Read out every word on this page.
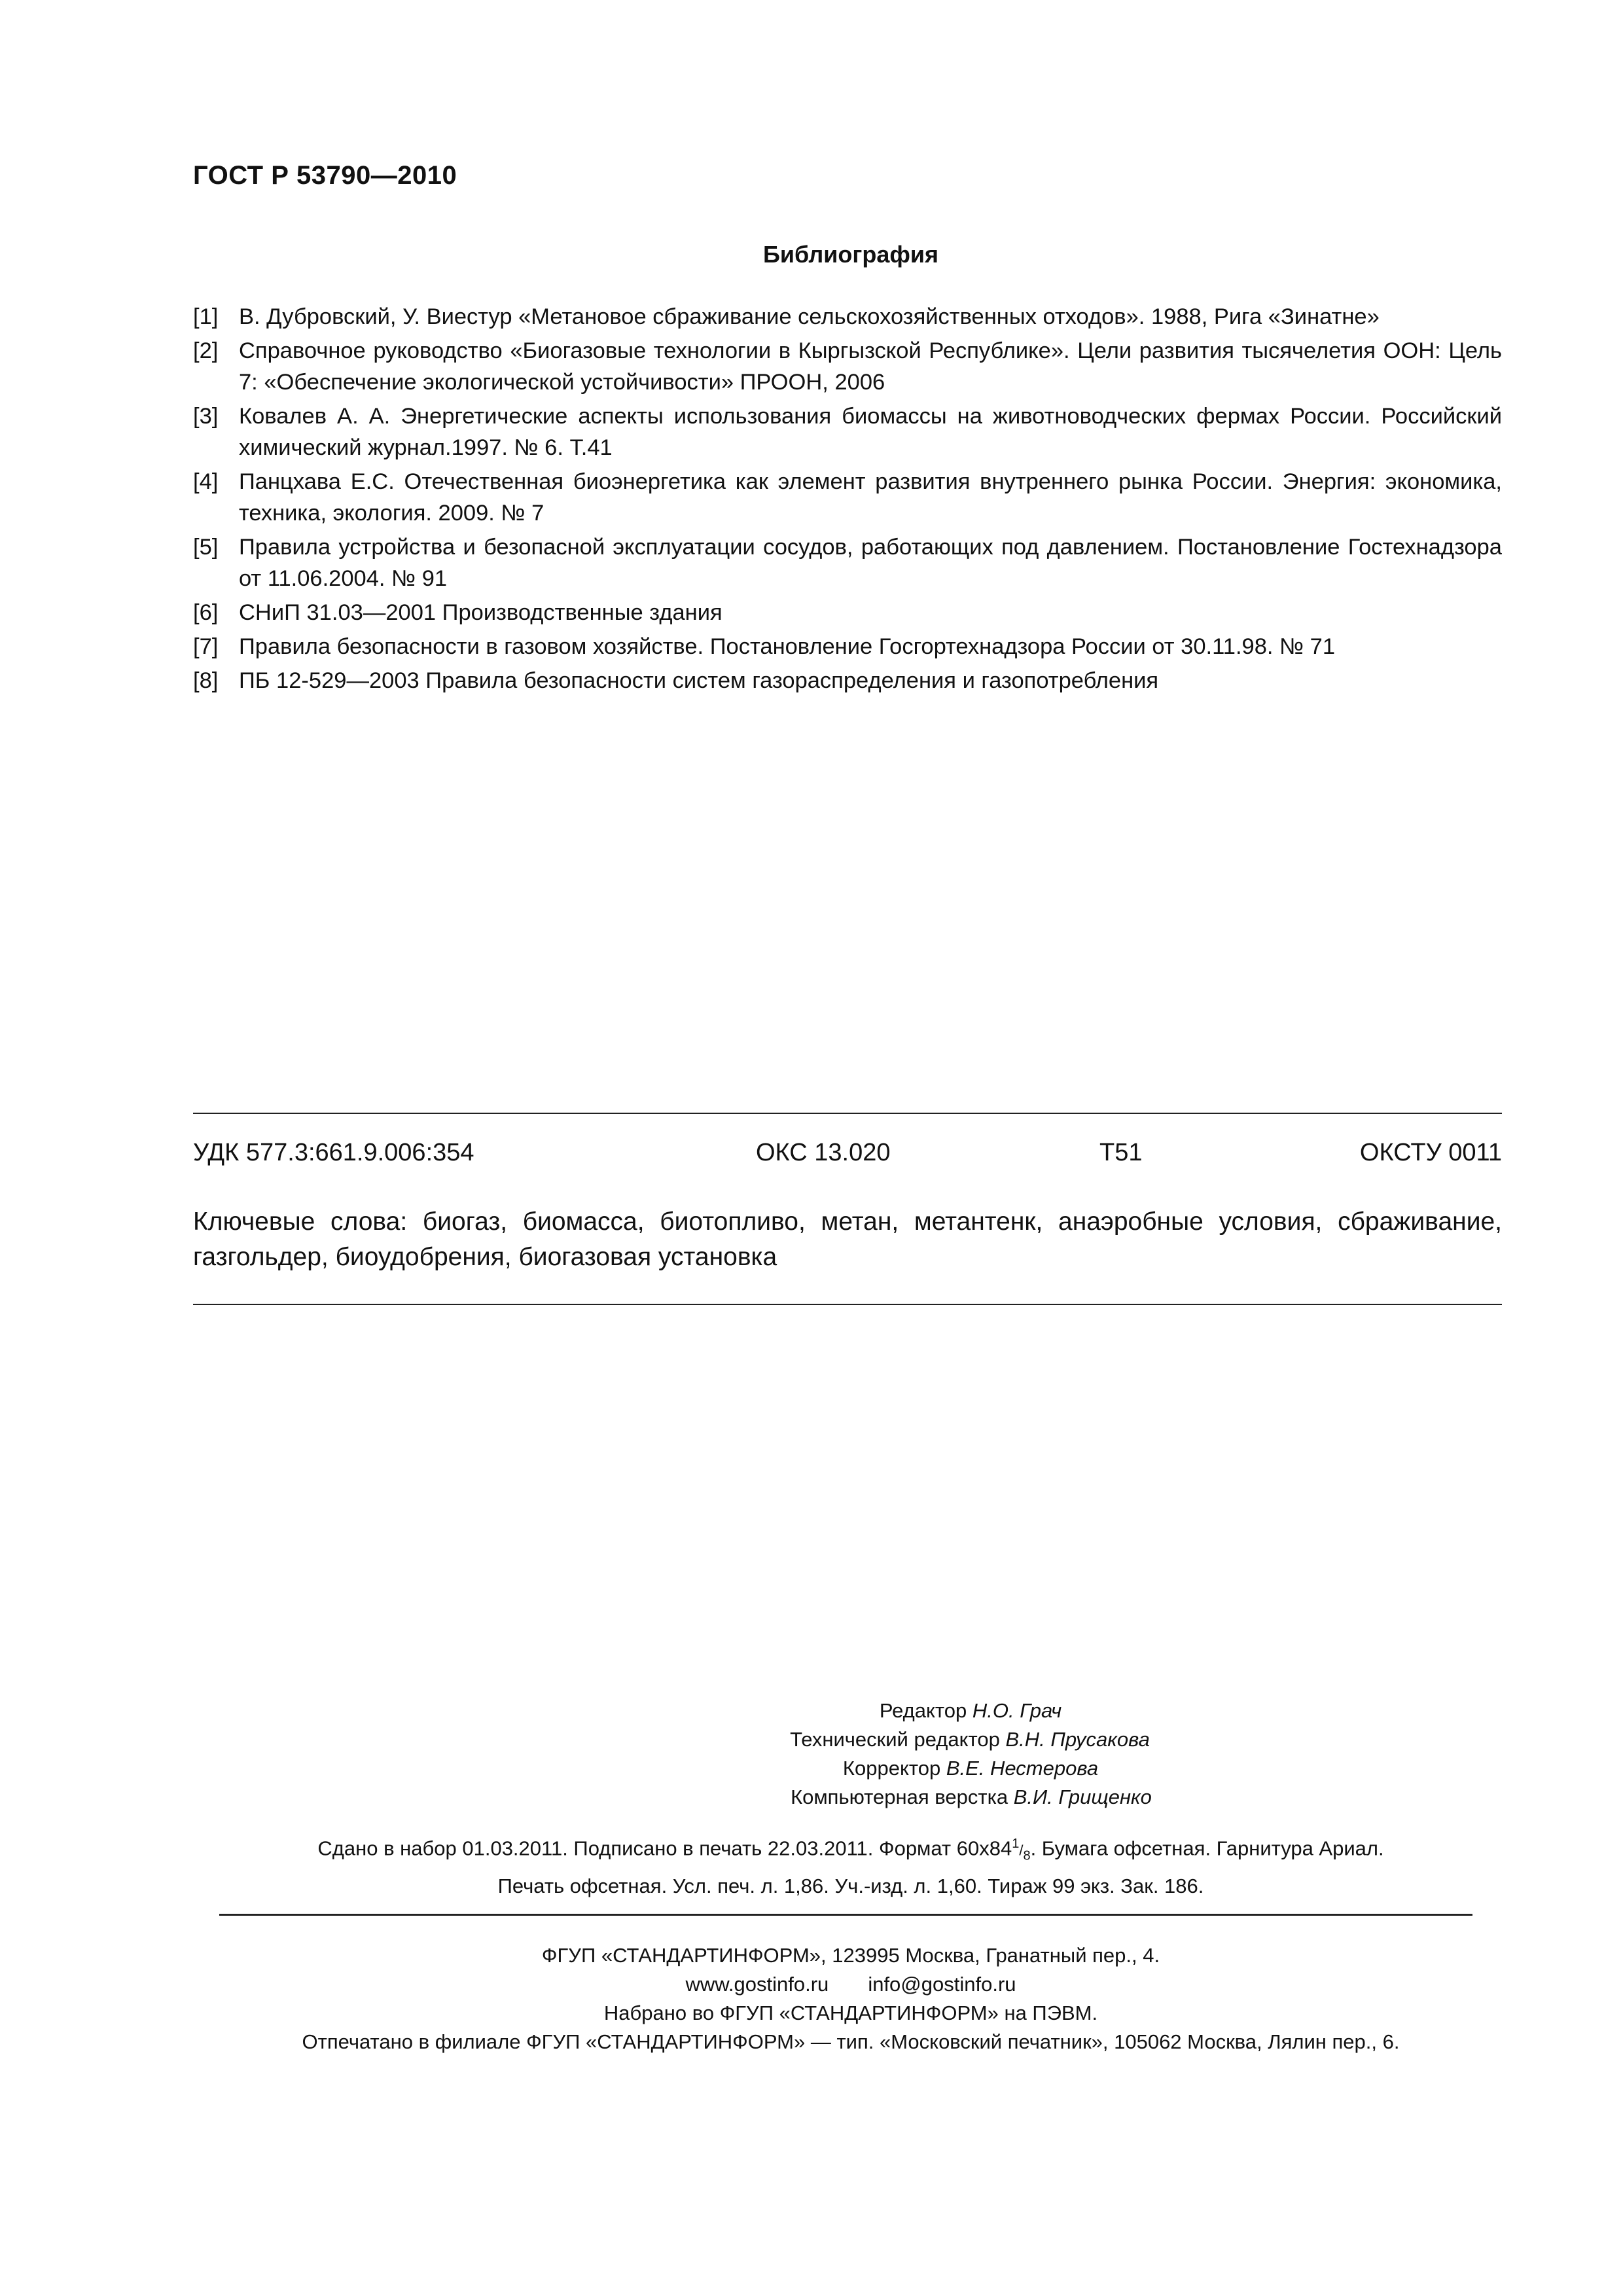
ГОСТ Р 53790—2010
Библиография
[1] В. Дубровский, У. Виестур «Метановое сбраживание сельскохозяйственных отходов». 1988, Рига «Зинатне»
[2] Справочное руководство «Биогазовые технологии в Кыргызской Республике». Цели развития тысячелетия ООН: Цель 7: «Обеспечение экологической устойчивости» ПРООН, 2006
[3] Ковалев А. А. Энергетические аспекты использования биомассы на животноводческих фермах России. Российский химический журнал.1997. № 6. Т.41
[4] Панцхава Е.С. Отечественная биоэнергетика как элемент развития внутреннего рынка России. Энергия: экономика, техника, экология. 2009. № 7
[5] Правила устройства и безопасной эксплуатации сосудов, работающих под давлением. Постановление Гостехнадзора от 11.06.2004. № 91
[6] СНиП 31.03—2001 Производственные здания
[7] Правила безопасности в газовом хозяйстве. Постановление Госгортехнадзора России от 30.11.98. № 71
[8] ПБ 12-529—2003 Правила безопасности систем газораспределения и газопотребления
УДК 577.3:661.9.006:354	ОКС 13.020	Т51	ОКСТУ 0011
Ключевые слова: биогаз, биомасса, биотопливо, метан, метантенк, анаэробные условия, сбраживание, газгольдер, биоудобрения, биогазовая установка
Редактор Н.О. Грач
Технический редактор В.Н. Прусакова
Корректор В.Е. Нестерова
Компьютерная верстка В.И. Грищенко
Сдано в набор 01.03.2011. Подписано в печать 22.03.2011. Формат $60x84^1/_8$. Бумага офсетная. Гарнитура Ариал.
Печать офсетная. Усл. печ. л. 1,86. Уч.-изд. л. 1,60. Тираж 99 экз. Зак. 186.
ФГУП «СТАНДАРТИНФОРМ», 123995 Москва, Гранатный пер., 4.
www.gostinfo.ru info@gostinfo.ru
Набрано во ФГУП «СТАНДАРТИНФОРМ» на ПЭВМ.
Отпечатано в филиале ФГУП «СТАНДАРТИНФОРМ» — тип. «Московский печатник», 105062 Москва, Лялин пер., 6.
